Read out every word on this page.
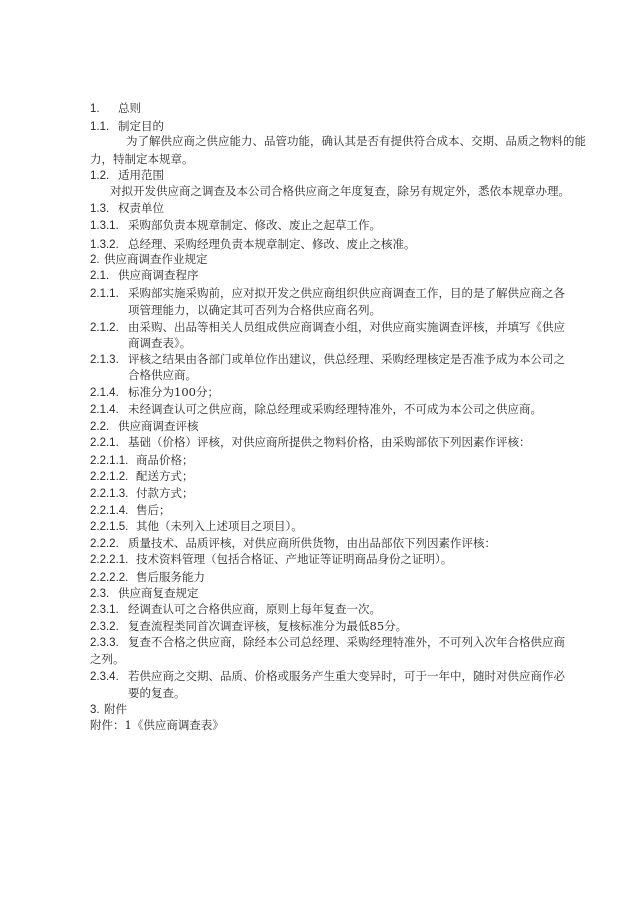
1. 总则
1.1. 制定目的
为了解供应商之供应能力、品管功能，确认其是否有提供符合成本、交期、品质之物料的能
力，特制定本规章。
1.2. 适用范围
对拟开发供应商之调查及本公司合格供应商之年度复查，除另有规定外，悉依本规章办理。
1.3. 权责单位
1.3.1. 采购部负责本规章制定、修改、废止之起草工作。
1.3.2. 总经理、采购经理负责本规章制定、修改、废止之核准。
2. 供应商调查作业规定
2.1. 供应商调查程序
2.1.1. 采购部实施采购前，应对拟开发之供应商组织供应商调查工作，目的是了解供应商之各
项管理能力，以确定其可否列为合格供应商名列。
2.1.2. 由采购、出品等相关人员组成供应商调查小组，对供应商实施调查评核，并填写《供应
商调查表》。
2.1.3. 评核之结果由各部门或单位作出建议，供总经理、采购经理核定是否准予成为本公司之
合格供应商。
2.1.4. 标准分为100分；
2.1.4. 未经调查认可之供应商，除总经理或采购经理特准外，不可成为本公司之供应商。
2.2. 供应商调查评核
2.2.1. 基础（价格）评核，对供应商所提供之物料价格，由采购部依下列因素作评核：
2.2.1.1. 商品价格；
2.2.1.2. 配送方式；
2.2.1.3. 付款方式；
2.2.1.4. 售后；
2.2.1.5. 其他（未列入上述项目之项目）。
2.2.2. 质量技术、品质评核，对供应商所供货物，由出品部依下列因素作评核：
2.2.2.1. 技术资料管理（包括合格证、产地证等证明商品身份之证明）。
2.2.2.2. 售后服务能力
2.3. 供应商复查规定
2.3.1. 经调查认可之合格供应商，原则上每年复查一次。
2.3.2. 复查流程类同首次调查评核，复核标准分为最低85分。
2.3.3. 复查不合格之供应商，除经本公司总经理、采购经理特准外，不可列入次年合格供应商
之列。
2.3.4. 若供应商之交期、品质、价格或服务产生重大变异时，可于一年中，随时对供应商作必
要的复查。
3. 附件
附件：1《供应商调查表》
